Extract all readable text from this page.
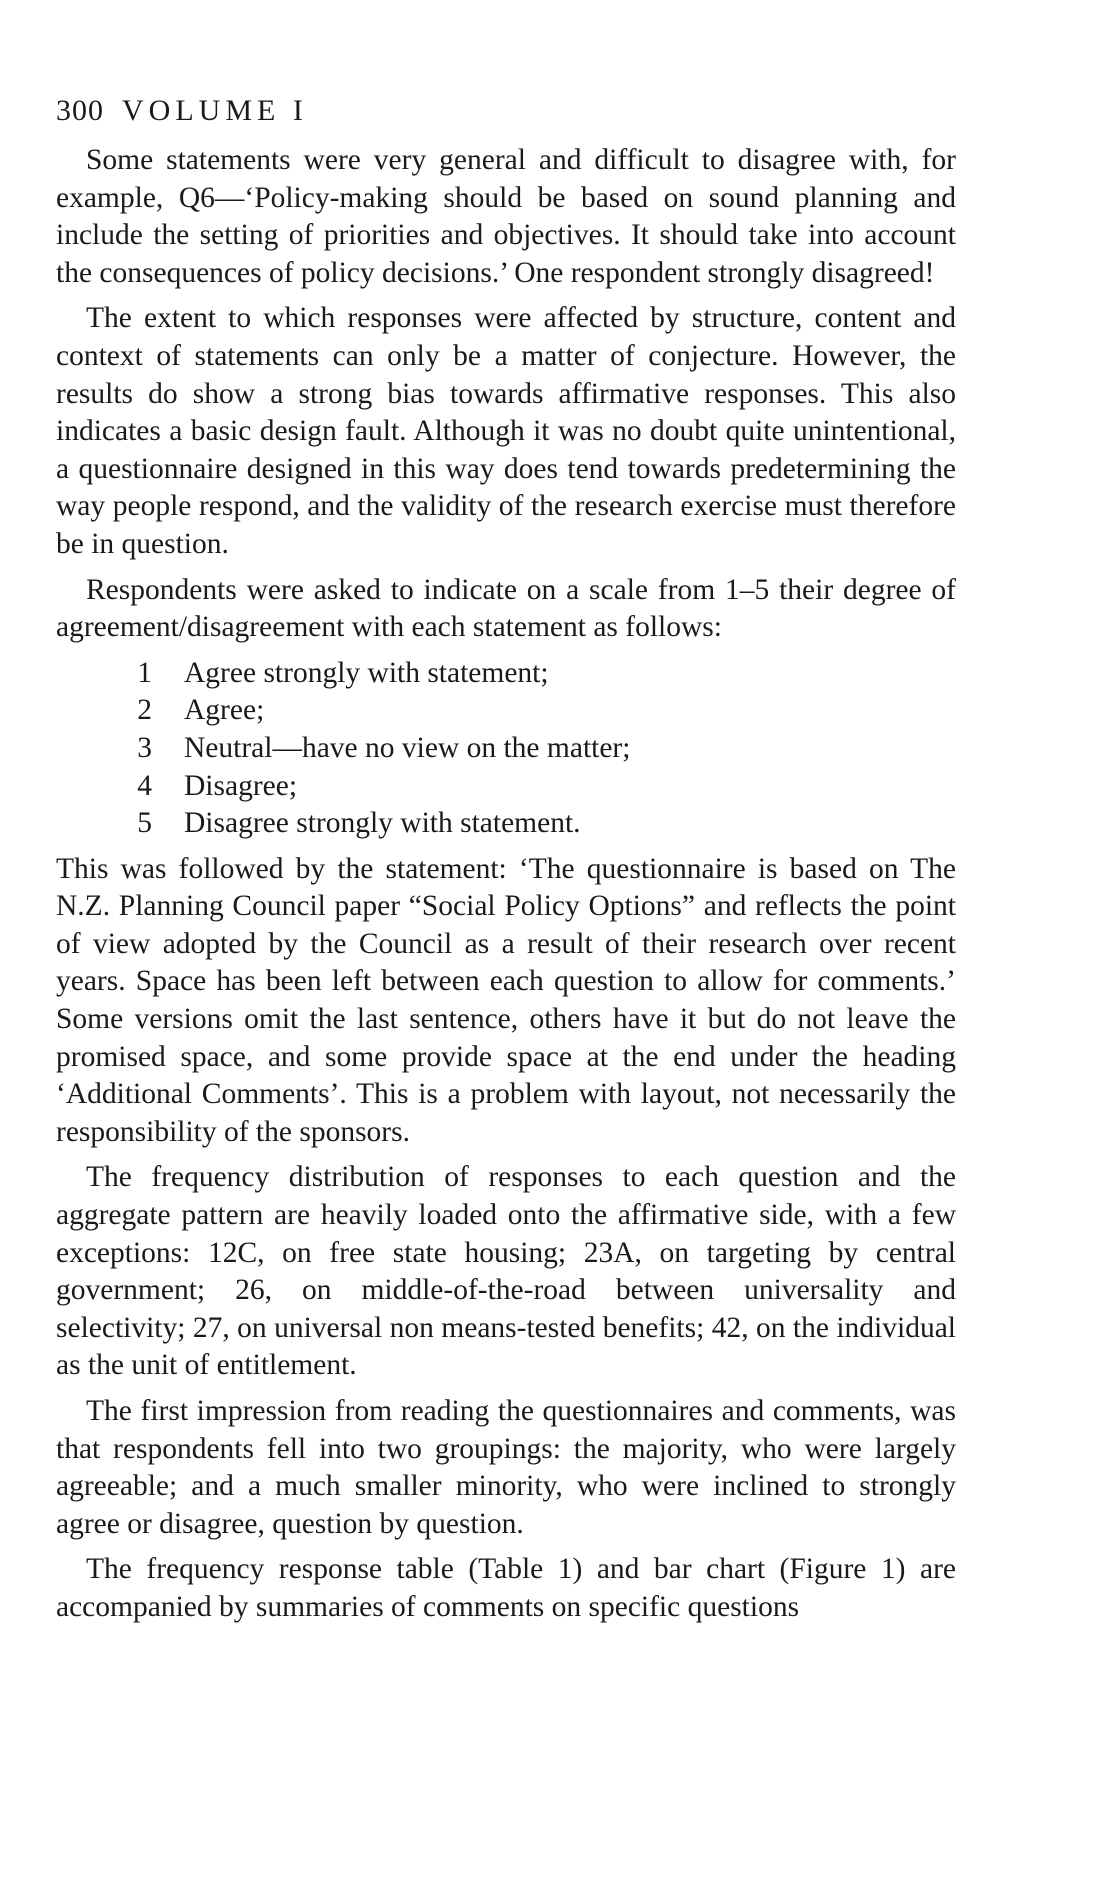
300 VOLUME I

Some statements were very general and difficult to disagree with, for example, Q6—‘Policy-making should be based on sound planning and include the setting of priorities and objectives. It should take into account the consequences of policy decisions.’ One respondent strongly disagreed!

The extent to which responses were affected by structure, content and context of statements can only be a matter of conjecture. However, the results do show a strong bias towards affirmative responses. This also indicates a basic design fault. Although it was no doubt quite unintentional, a questionnaire designed in this way does tend towards predetermining the way people respond, and the validity of the research exercise must therefore be in question.

Respondents were asked to indicate on a scale from 1–5 their degree of agreement/disagreement with each statement as follows:

1	Agree strongly with statement;
2	Agree;
3	Neutral—have no view on the matter;
4	Disagree;
5	Disagree strongly with statement.

This was followed by the statement: ‘The questionnaire is based on The N.Z. Planning Council paper “Social Policy Options” and reflects the point of view adopted by the Council as a result of their research over recent years. Space has been left between each question to allow for comments.’ Some versions omit the last sentence, others have it but do not leave the promised space, and some provide space at the end under the heading ‘Additional Comments’. This is a problem with layout, not necessarily the responsibility of the sponsors.

The frequency distribution of responses to each question and the aggregate pattern are heavily loaded onto the affirmative side, with a few exceptions: 12C, on free state housing; 23A, on targeting by central government; 26, on middle-of-the-road between universality and selectivity; 27, on universal non means-tested benefits; 42, on the individual as the unit of entitlement.

The first impression from reading the questionnaires and comments, was that respondents fell into two groupings: the majority, who were largely agreeable; and a much smaller minority, who were inclined to strongly agree or disagree, question by question.

The frequency response table (Table 1) and bar chart (Figure 1) are accompanied by summaries of comments on specific questions
